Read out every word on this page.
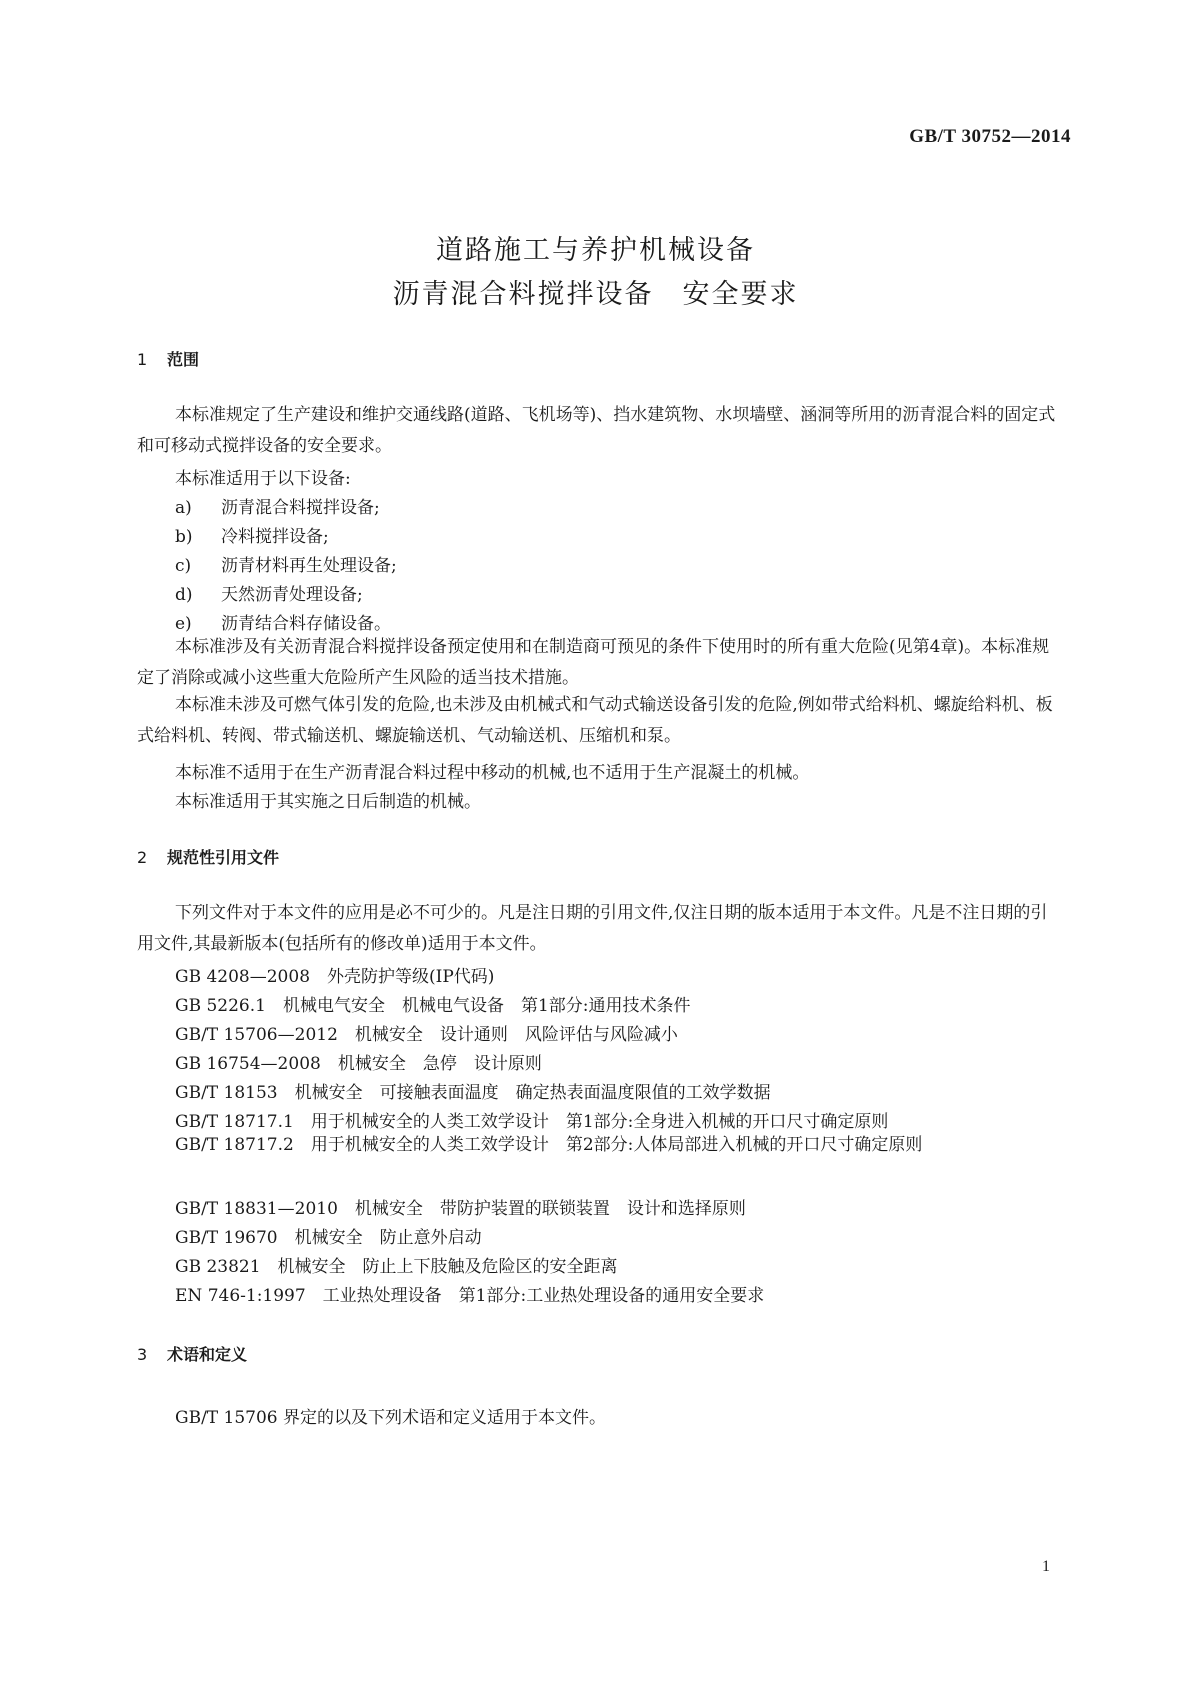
GB/T 30752—2014
道路施工与养护机械设备
沥青混合料搅拌设备　安全要求
1 范围
本标准规定了生产建设和维护交通线路(道路、飞机场等)、挡水建筑物、水坝墙壁、涵洞等所用的沥青混合料的固定式和可移动式搅拌设备的安全要求。
本标准适用于以下设备:
a) 沥青混合料搅拌设备;
b) 冷料搅拌设备;
c) 沥青材料再生处理设备;
d) 天然沥青处理设备;
e) 沥青结合料存储设备。
本标准涉及有关沥青混合料搅拌设备预定使用和在制造商可预见的条件下使用时的所有重大危险(见第4章)。本标准规定了消除或减小这些重大危险所产生风险的适当技术措施。
本标准未涉及可燃气体引发的危险,也未涉及由机械式和气动式输送设备引发的危险,例如带式给料机、螺旋给料机、板式给料机、转阀、带式输送机、螺旋输送机、气动输送机、压缩机和泵。
本标准不适用于在生产沥青混合料过程中移动的机械,也不适用于生产混凝土的机械。
本标准适用于其实施之日后制造的机械。
2 规范性引用文件
下列文件对于本文件的应用是必不可少的。凡是注日期的引用文件,仅注日期的版本适用于本文件。凡是不注日期的引用文件,其最新版本(包括所有的修改单)适用于本文件。
GB 4208—2008　外壳防护等级(IP代码)
GB 5226.1　机械电气安全　机械电气设备　第1部分:通用技术条件
GB/T 15706—2012　机械安全　设计通则　风险评估与风险减小
GB 16754—2008　机械安全　急停　设计原则
GB/T 18153　机械安全　可接触表面温度　确定热表面温度限值的工效学数据
GB/T 18717.1　用于机械安全的人类工效学设计　第1部分:全身进入机械的开口尺寸确定原则
GB/T 18717.2　用于机械安全的人类工效学设计　第2部分:人体局部进入机械的开口尺寸确定原则
GB/T 18831—2010　机械安全　带防护装置的联锁装置　设计和选择原则
GB/T 19670　机械安全　防止意外启动
GB 23821　机械安全　防止上下肢触及危险区的安全距离
EN 746-1:1997　工业热处理设备　第1部分:工业热处理设备的通用安全要求
3 术语和定义
GB/T 15706 界定的以及下列术语和定义适用于本文件。
1
